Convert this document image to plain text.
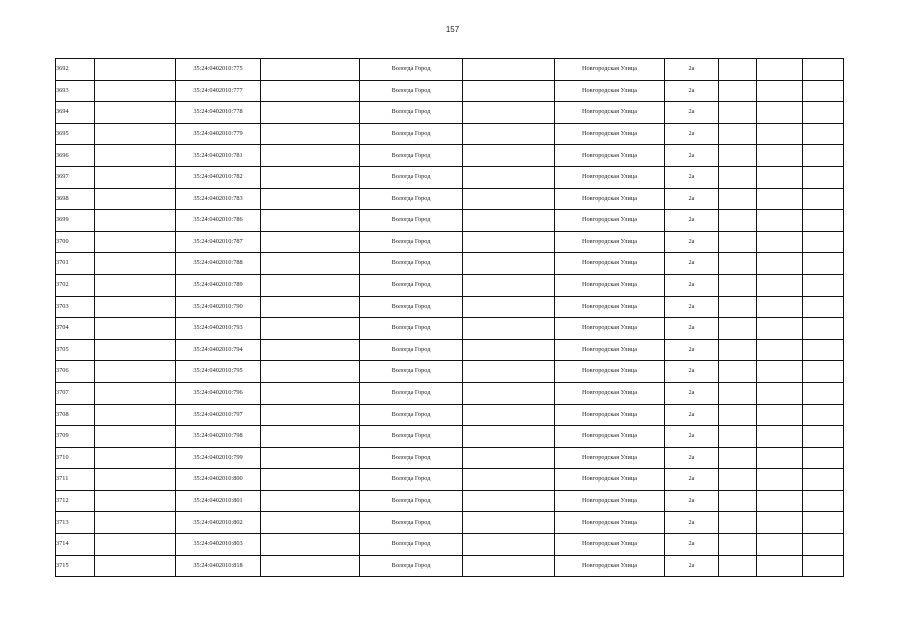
157
3692		35:24:0402010:775		Вологда Город		Новгородская Улица	2а			
3693		35:24:0402010:777		Вологда Город		Новгородская Улица	2а			
3694		35:24:0402010:778		Вологда Город		Новгородская Улица	2а			
3695		35:24:0402010:779		Вологда Город		Новгородская Улица	2а			
3696		35:24:0402010:781		Вологда Город		Новгородская Улица	2а			
3697		35:24:0402010:782		Вологда Город		Новгородская Улица	2а			
3698		35:24:0402010:783		Вологда Город		Новгородская Улица	2а			
3699		35:24:0402010:786		Вологда Город		Новгородская Улица	2а			
3700		35:24:0402010:787		Вологда Город		Новгородская Улица	2а			
3701		35:24:0402010:788		Вологда Город		Новгородская Улица	2а			
3702		35:24:0402010:789		Вологда Город		Новгородская Улица	2а			
3703		35:24:0402010:790		Вологда Город		Новгородская Улица	2а			
3704		35:24:0402010:793		Вологда Город		Новгородская Улица	2а			
3705		35:24:0402010:794		Вологда Город		Новгородская Улица	2а			
3706		35:24:0402010:795		Вологда Город		Новгородская Улица	2а			
3707		35:24:0402010:796		Вологда Город		Новгородская Улица	2а			
3708		35:24:0402010:797		Вологда Город		Новгородская Улица	2а			
3709		35:24:0402010:798		Вологда Город		Новгородская Улица	2а			
3710		35:24:0402010:799		Вологда Город		Новгородская Улица	2а			
3711		35:24:0402010:800		Вологда Город		Новгородская Улица	2а			
3712		35:24:0402010:801		Вологда Город		Новгородская Улица	2а			
3713		35:24:0402010:802		Вологда Город		Новгородская Улица	2а			
3714		35:24:0402010:803		Вологда Город		Новгородская Улица	2а			
3715		35:24:0402010:818		Вологда Город		Новгородская Улица	2а			
